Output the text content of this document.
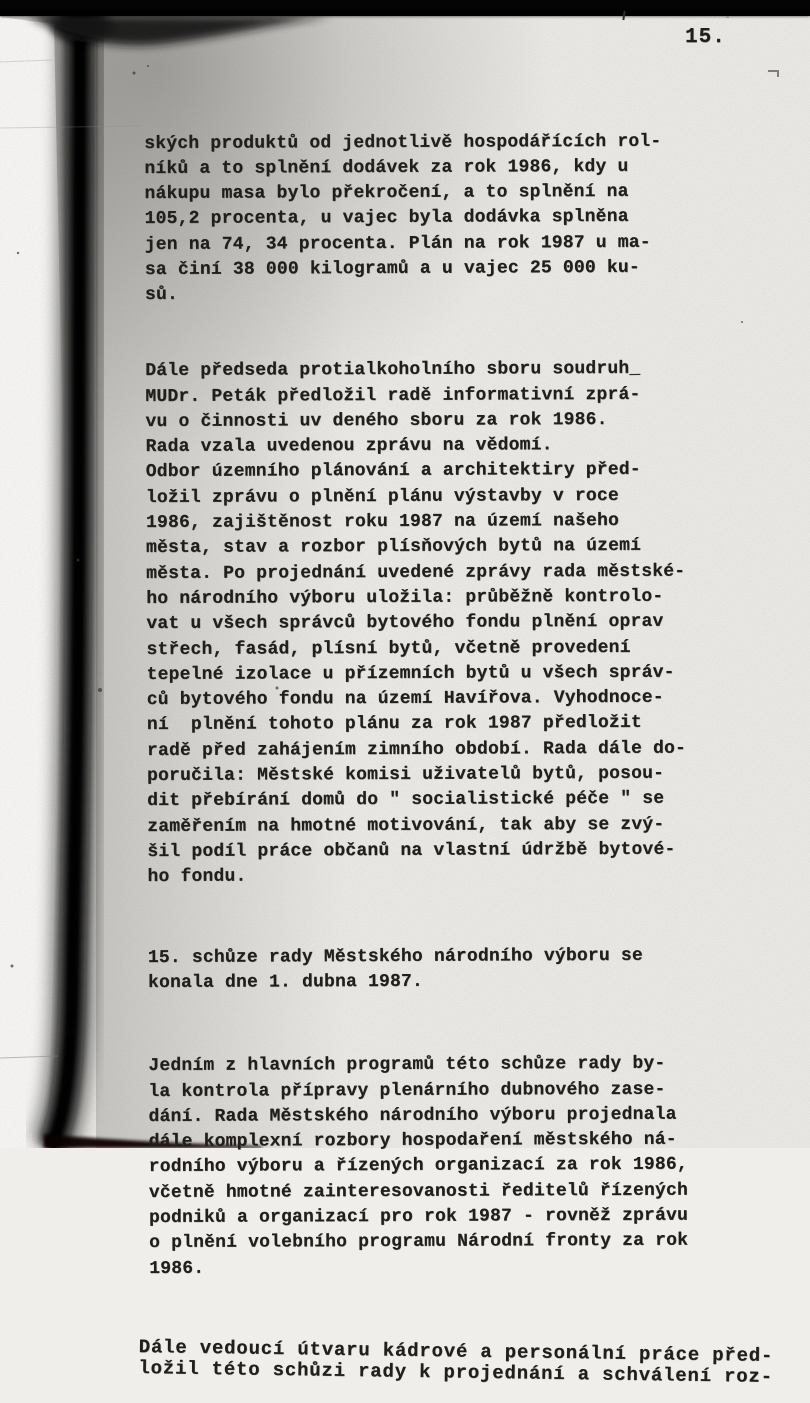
15.

ských produktů od jednotlivě hospodářících rol-
níků a to splnění dodávek za rok 1986, kdy u
nákupu masa bylo překročení, a to splnění na
105,2 procenta, u vajec byla dodávka splněna
jen na 74, 34 procenta. Plán na rok 1987 u ma-
sa činí 38 000 kilogramů a u vajec 25 000 ku-
sů.

Dále předseda protialkoholního sboru soudruh_
MUDr. Peták předložil radě informativní zprá-
vu o činnosti uv deného sboru za rok 1986.
Rada vzala uvedenou zprávu na vědomí.
Odbor územního plánování a architektiry před-
ložil zprávu o plnění plánu výstavby v roce
1986, zajištěnost roku 1987 na území našeho
města, stav a rozbor plísňových bytů na území
města. Po projednání uvedené zprávy rada městské-
ho národního výboru uložila: průběžně kontrolo-
vat u všech správců bytového fondu plnění oprav
střech, fasád, plísní bytů, včetně provedení
tepelné izolace u přízemních bytů u všech správ-
ců bytového fondu na území Havířova. Vyhodnoce-
ní  plnění tohoto plánu za rok 1987 předložit
radě před zahájením zimního období. Rada dále do-
poručila: Městské komisi uživatelů bytů, posou-
dit přebírání domů do " socialistické péče " se
zaměřením na hmotné motivování, tak aby se zvý-
šil podíl práce občanů na vlastní údržbě bytové-
ho fondu.

15. schůze rady Městského národního výboru se
konala dne 1. dubna 1987.

Jedním z hlavních programů této schůze rady by-
la kontrola přípravy plenárního dubnového zase-
dání. Rada Městského národního výboru projednala
dále komplexní rozbory hospodaření městského ná-
rodního výboru a řízených organizací za rok 1986,
včetně hmotné zainteresovanosti ředitelů řízených
podniků a organizací pro rok 1987 - rovněž zprávu
o plnění volebního programu Národní fronty za rok
1986.

Dále vedoucí útvaru kádrové a personální práce před-
ložil této schůzi rady k projednání a schválení roz-
